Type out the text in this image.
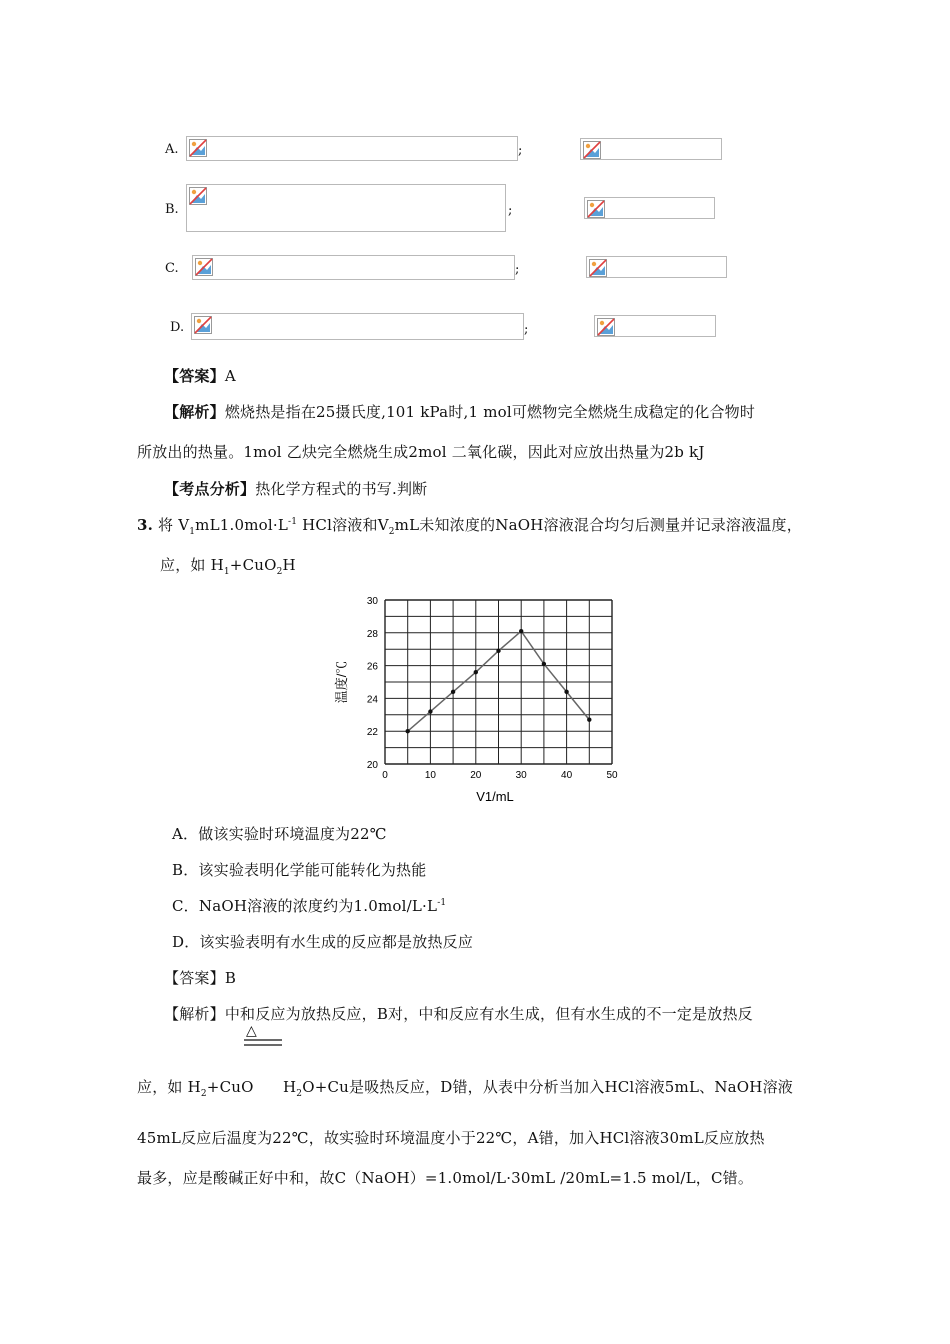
A.	;
B.	;
C.	;
D.	;
【答案】A
【解析】燃烧热是指在25摄氏度,101 kPa时,1 mol可燃物完全燃烧生成稳定的化合物时
所放出的热量。1mol 乙炔完全燃烧生成2mol 二氧化碳，因此对应放出热量为2b kJ
【考点分析】热化学方程式的书写.判断
3. 将 $V_1mL1.0mol\cdot L^{-1}$ HCl溶液和$V_2mL$未知浓度的NaOH溶液混合均匀后测量并记录溶液温度，
应，如 $H_1+CuO_2H$
0	10	20	30	40	50
20
22
24
26
28
30
V1/mL
温度/℃
A．做该实验时环境温度为22℃
B．该实验表明化学能可能转化为热能
C．NaOH溶液的浓度约为$1.0mol/L\cdot L^{-1}$
D．该实验表明有水生成的反应都是放热反应
【答案】B
【解析】中和反应为放热反应，B对，中和反应有水生成，但有水生成的不一定是放热反
△
应，如 $H_2+CuO$ $H_2O+Cu$是吸热反应，D错，从表中分析当加入HCl溶液5mL、NaOH溶液
45mL反应后温度为22℃，故实验时环境温度小于22℃，A错，加入HCl溶液30mL反应放热
最多，应是酸碱正好中和，故C（NaOH）=1.0mol/L·30mL /20mL=1.5 mol/L，C错。
